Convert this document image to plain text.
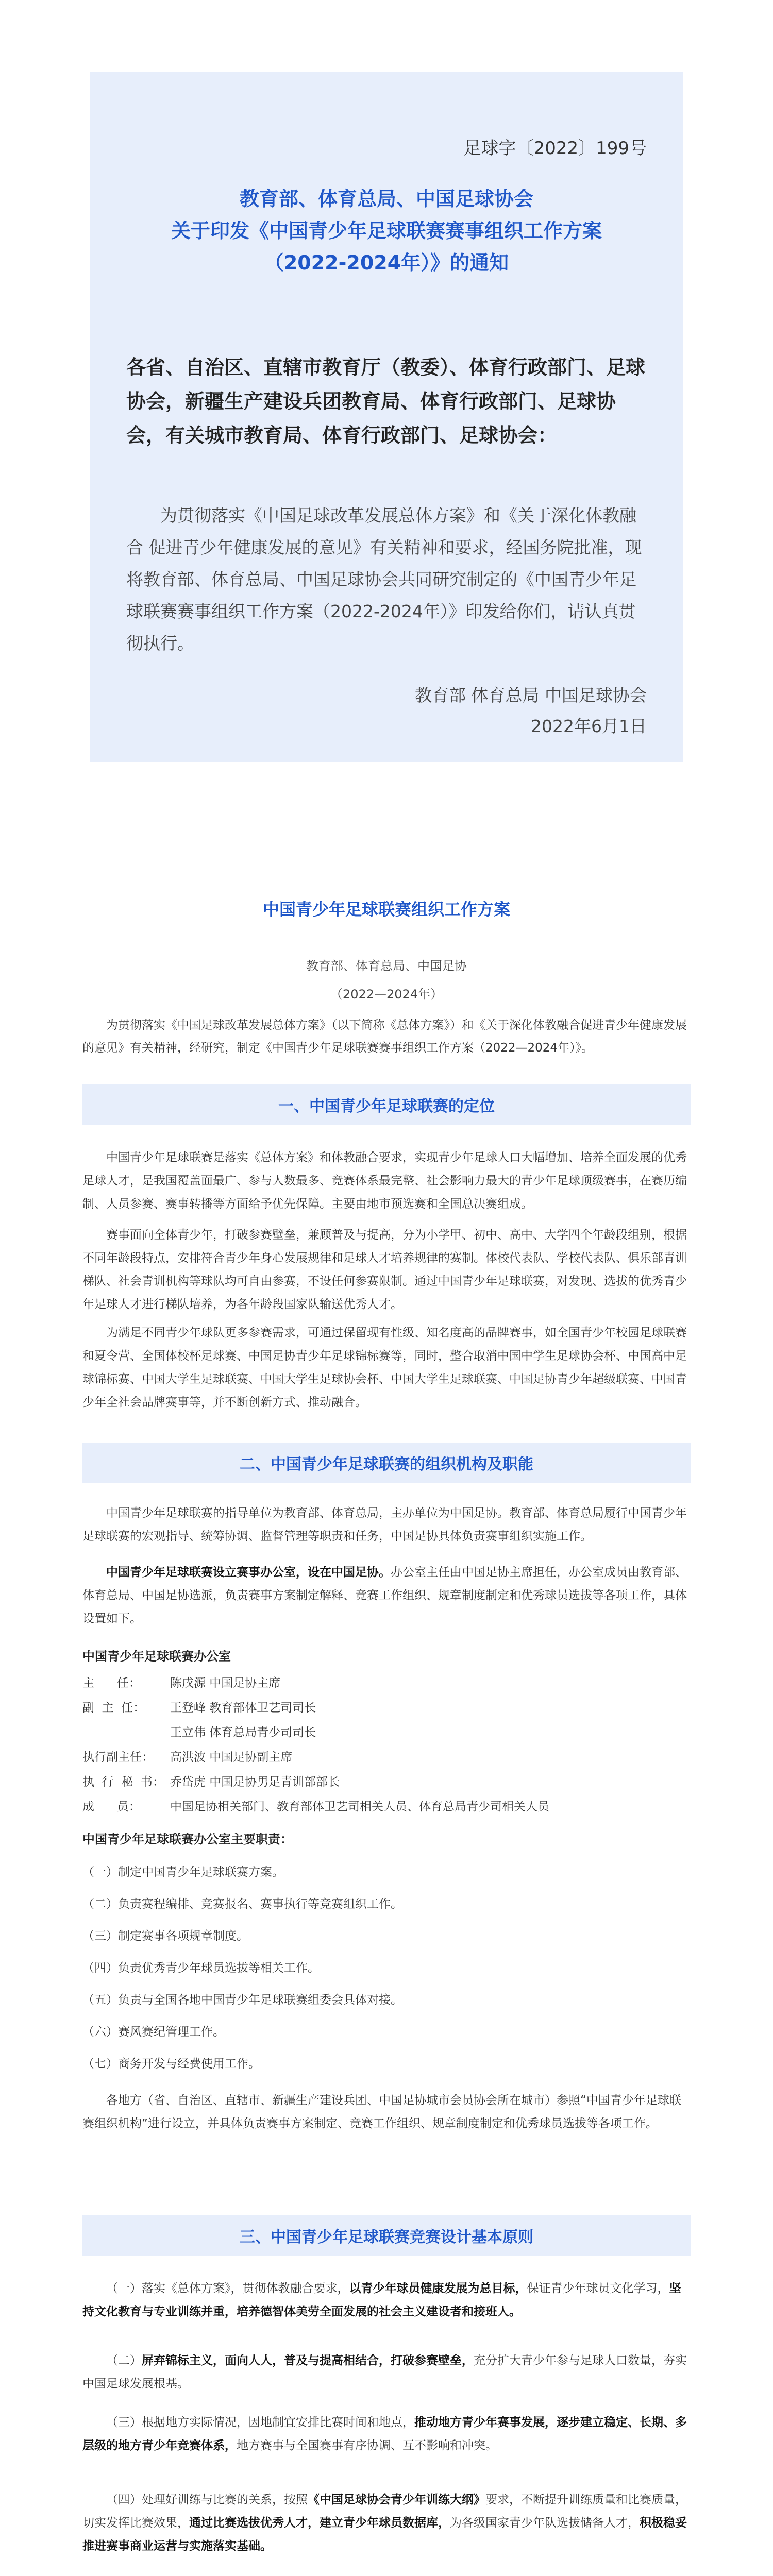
足球字〔2022〕199号
教育部、体育总局、中国足球协会
关于印发《中国青少年足球联赛赛事组织工作方案
（2022-2024年）》的通知
各省、自治区、直辖市教育厅（教委）、体育行政部门、足球协会，新疆生产建设兵团教育局、体育行政部门、足球协会，有关城市教育局、体育行政部门、足球协会：
为贯彻落实《中国足球改革发展总体方案》和《关于深化体教融合 促进青少年健康发展的意见》有关精神和要求，经国务院批准，现将教育部、体育总局、中国足球协会共同研究制定的《中国青少年足球联赛赛事组织工作方案（2022-2024年）》印发给你们，请认真贯彻执行。
教育部 体育总局 中国足球协会
2022年6月1日
中国青少年足球联赛组织工作方案
教育部、体育总局、中国足协
（2022—2024年）

为贯彻落实《中国足球改革发展总体方案》（以下简称《总体方案》）和《关于深化体教融合促进青少年健康发展的意见》有关精神，经研究，制定《中国青少年足球联赛赛事组织工作方案（2022—2024年）》。

一、中国青少年足球联赛的定位

中国青少年足球联赛是落实《总体方案》和体教融合要求，实现青少年足球人口大幅增加、培养全面发展的优秀足球人才，是我国覆盖面最广、参与人数最多、竞赛体系最完整、社会影响力最大的青少年足球顶级赛事，在赛历编制、人员参赛、赛事转播等方面给予优先保障。主要由地市预选赛和全国总决赛组成。

赛事面向全体青少年，打破参赛壁垒，兼顾普及与提高，分为小学甲、初中、高中、大学四个年龄段组别，根据不同年龄段特点，安排符合青少年身心发展规律和足球人才培养规律的赛制。体校代表队、学校代表队、俱乐部青训梯队、社会青训机构等球队均可自由参赛，不设任何参赛限制。通过中国青少年足球联赛，对发现、选拔的优秀青少年足球人才进行梯队培养，为各年龄段国家队输送优秀人才。

为满足不同青少年球队更多参赛需求，可通过保留现有性级、知名度高的品牌赛事，如全国青少年校园足球联赛和夏令营、全国体校杯足球赛、中国足协青少年足球锦标赛等，同时，整合取消中国中学生足球协会杯、中国高中足球锦标赛、中国大学生足球联赛、中国大学生足球协会杯、中国大学生足球联赛、中国足协青少年超级联赛、中国青少年全社会品牌赛事等，并不断创新方式、推动融合。

二、中国青少年足球联赛的组织机构及职能

中国青少年足球联赛的指导单位为教育部、体育总局，主办单位为中国足协。教育部、体育总局履行中国青少年足球联赛的宏观指导、统筹协调、监督管理等职责和任务，中国足协具体负责赛事组织实施工作。

中国青少年足球联赛设立赛事办公室，设在中国足协。办公室主任由中国足协主席担任，办公室成员由教育部、体育总局、中国足协选派，负责赛事方案制定解释、竞赛工作组织、规章制度制定和优秀球员选拔等各项工作，具体设置如下。

中国青少年足球联赛办公室
主      任：	陈戌源 中国足协主席
副  主  任：	王登峰 教育部体卫艺司司长
王立伟 体育总局青少司司长
执行副主任：	高洪波 中国足协副主席
执  行  秘  书： 乔岱虎 中国足协男足青训部部长
成      员：	中国足协相关部门、教育部体卫艺司相关人员、体育总局青少司相关人员
中国青少年足球联赛办公室主要职责：
（一）制定中国青少年足球联赛方案。
（二）负责赛程编排、竞赛报名、赛事执行等竞赛组织工作。
（三）制定赛事各项规章制度。
（四）负责优秀青少年球员选拔等相关工作。
（五）负责与全国各地中国青少年足球联赛组委会具体对接。
（六）赛风赛纪管理工作。
（七）商务开发与经费使用工作。

各地方（省、自治区、直辖市、新疆生产建设兵团、中国足协城市会员协会所在城市）参照“中国青少年足球联赛组织机构”进行设立，并具体负责赛事方案制定、竞赛工作组织、规章制度制定和优秀球员选拔等各项工作。

三、中国青少年足球联赛竞赛设计基本原则

（一）落实《总体方案》，贯彻体教融合要求，以青少年球员健康发展为总目标，保证青少年球员文化学习，坚持文化教育与专业训练并重，培养德智体美劳全面发展的社会主义建设者和接班人。

（二）屏弃锦标主义，面向人人，普及与提高相结合，打破参赛壁垒，充分扩大青少年参与足球人口数量，夯实中国足球发展根基。

（三）根据地方实际情况，因地制宜安排比赛时间和地点，推动地方青少年赛事发展，逐步建立稳定、长期、多层级的地方青少年竞赛体系，地方赛事与全国赛事有序协调、互不影响和冲突。

（四）处理好训练与比赛的关系，按照《中国足球协会青少年训练大纲》要求，不断提升训练质量和比赛质量，切实发挥比赛效果，通过比赛选拔优秀人才，建立青少年球员数据库，为各级国家青少年队选拔储备人才，积极稳妥推进赛事商业运营与实施落实基础。
